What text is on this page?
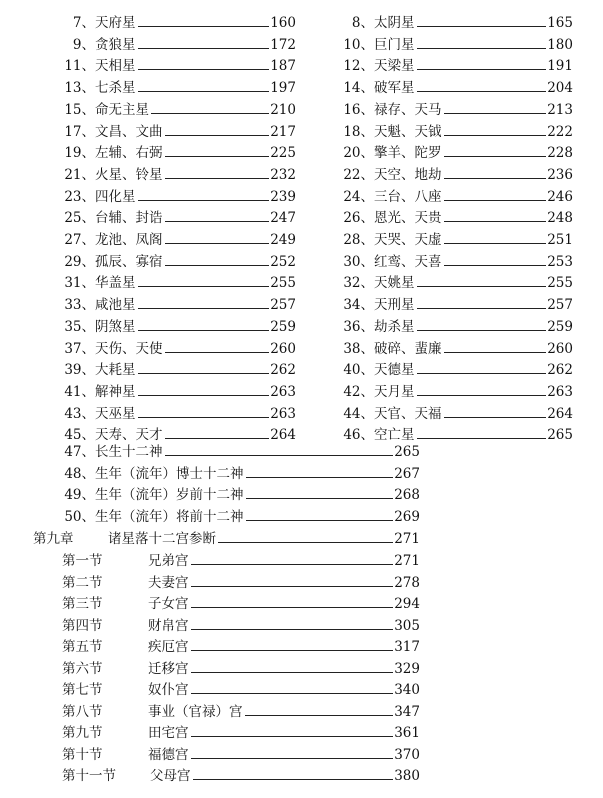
7、 天府星	160
9、 贪狼星	172
11、 天相星	187
13、 七杀星	197
15、 命无主星	210
17、 文昌、文曲	217
19、 左辅、右弼	225
21、 火星、铃星	232
23、 四化星	239
25、 台辅、封诰	247
27、 龙池、凤阁	249
29、 孤辰、寡宿	252
31、 华盖星	255
33、 咸池星	257
35、 阴煞星	259
37、 天伤、天使	260
39、 大耗星	262
41、 解神星	263
43、 天巫星	263
45、 天寿、天才	264
8、 太阴星	165
10、 巨门星	180
12、 天梁星	191
14、 破军星	204
16、 禄存、天马	213
18、 天魁、天钺	222
20、 擎羊、陀罗	228
22、 天空、地劫	236
24、 三台、八座	246
26、 恩光、天贵	248
28、 天哭、天虚	251
30、 红鸾、天喜	253
32、 天姚星	255
34、 天刑星	257
36、 劫杀星	259
38、 破碎、蜚廉	260
40、 天德星	262
42、 天月星	263
44、 天官、天福	264
46、 空亡星	265
47、 长生十二神	265
48、 生年（流年）博士十二神	267
49、 生年（流年）岁前十二神	268
50、 生年（流年）将前十二神	269
第九章	诸星落十二宫参断	271
第一节	兄弟宫	271
第二节	夫妻宫	278
第三节	子女宫	294
第四节	财帛宫	305
第五节	疾厄宫	317
第六节	迁移宫	329
第七节	奴仆宫	340
第八节	事业（官禄）宫	347
第九节	田宅宫	361
第十节	福德宫	370
第十一节	父母宫	380
